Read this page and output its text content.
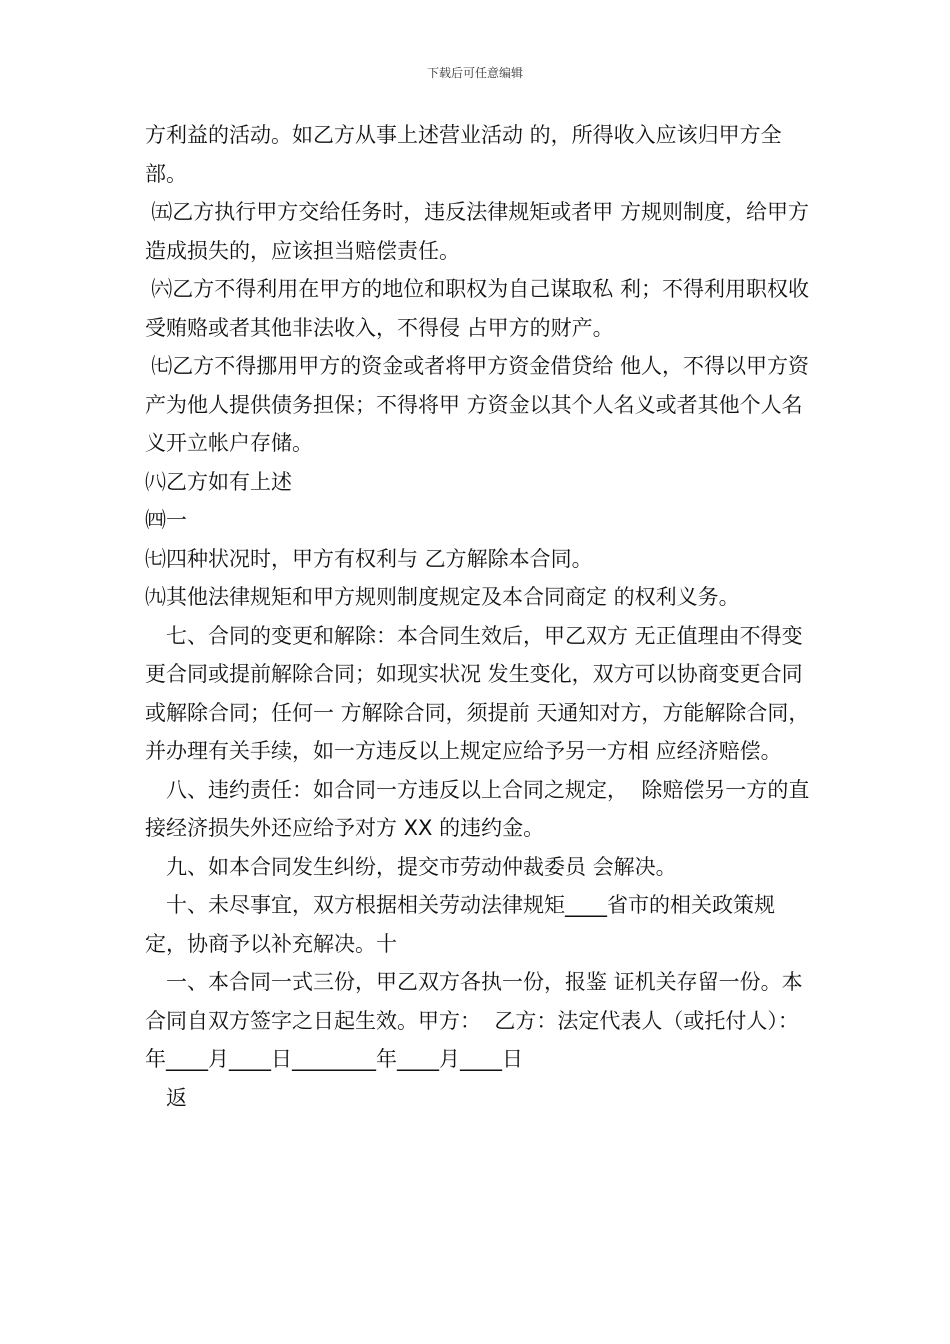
下载后可任意编辑

方利益的活动。如乙方从事上述营业活动 的，所得收入应该归甲方全部。

㈤乙方执行甲方交给任务时，违反法律规矩或者甲 方规则制度，给甲方造成损失的，应该担当赔偿责任。

㈥乙方不得利用在甲方的地位和职权为自己谋取私 利；不得利用职权收受贿赂或者其他非法收入，不得侵 占甲方的财产。

㈦乙方不得挪用甲方的资金或者将甲方资金借贷给 他人，不得以甲方资产为他人提供债务担保；不得将甲 方资金以其个人名义或者其他个人名义开立帐户存储。

㈧乙方如有上述

㈣一

㈦四种状况时，甲方有权利与 乙方解除本合同。

㈨其他法律规矩和甲方规则制度规定及本合同商定 的权利义务。

七、合同的变更和解除：本合同生效后，甲乙双方 无正值理由不得变更合同或提前解除合同；如现实状况 发生变化，双方可以协商变更合同或解除合同；任何一 方解除合同，须提前 天通知对方，方能解除合同，  并办理有关手续，如一方违反以上规定应给予另一方相 应经济赔偿。

八、违约责任：如合同一方违反以上合同之规定，  除赔偿另一方的直接经济损失外还应给予对方 XX 的违约金。

九、如本合同发生纠纷，提交市劳动仲裁委员 会解决。

十、未尽事宜，双方根据相关劳动法律规矩____省市的相关政策规定，协商予以补充解决。十

一、本合同一式三份，甲乙双方各执一份，报鉴 证机关存留一份。本合同自双方签字之日起生效。甲方：  乙方：法定代表人（或托付人）：年____月____日________年____月____日

返
